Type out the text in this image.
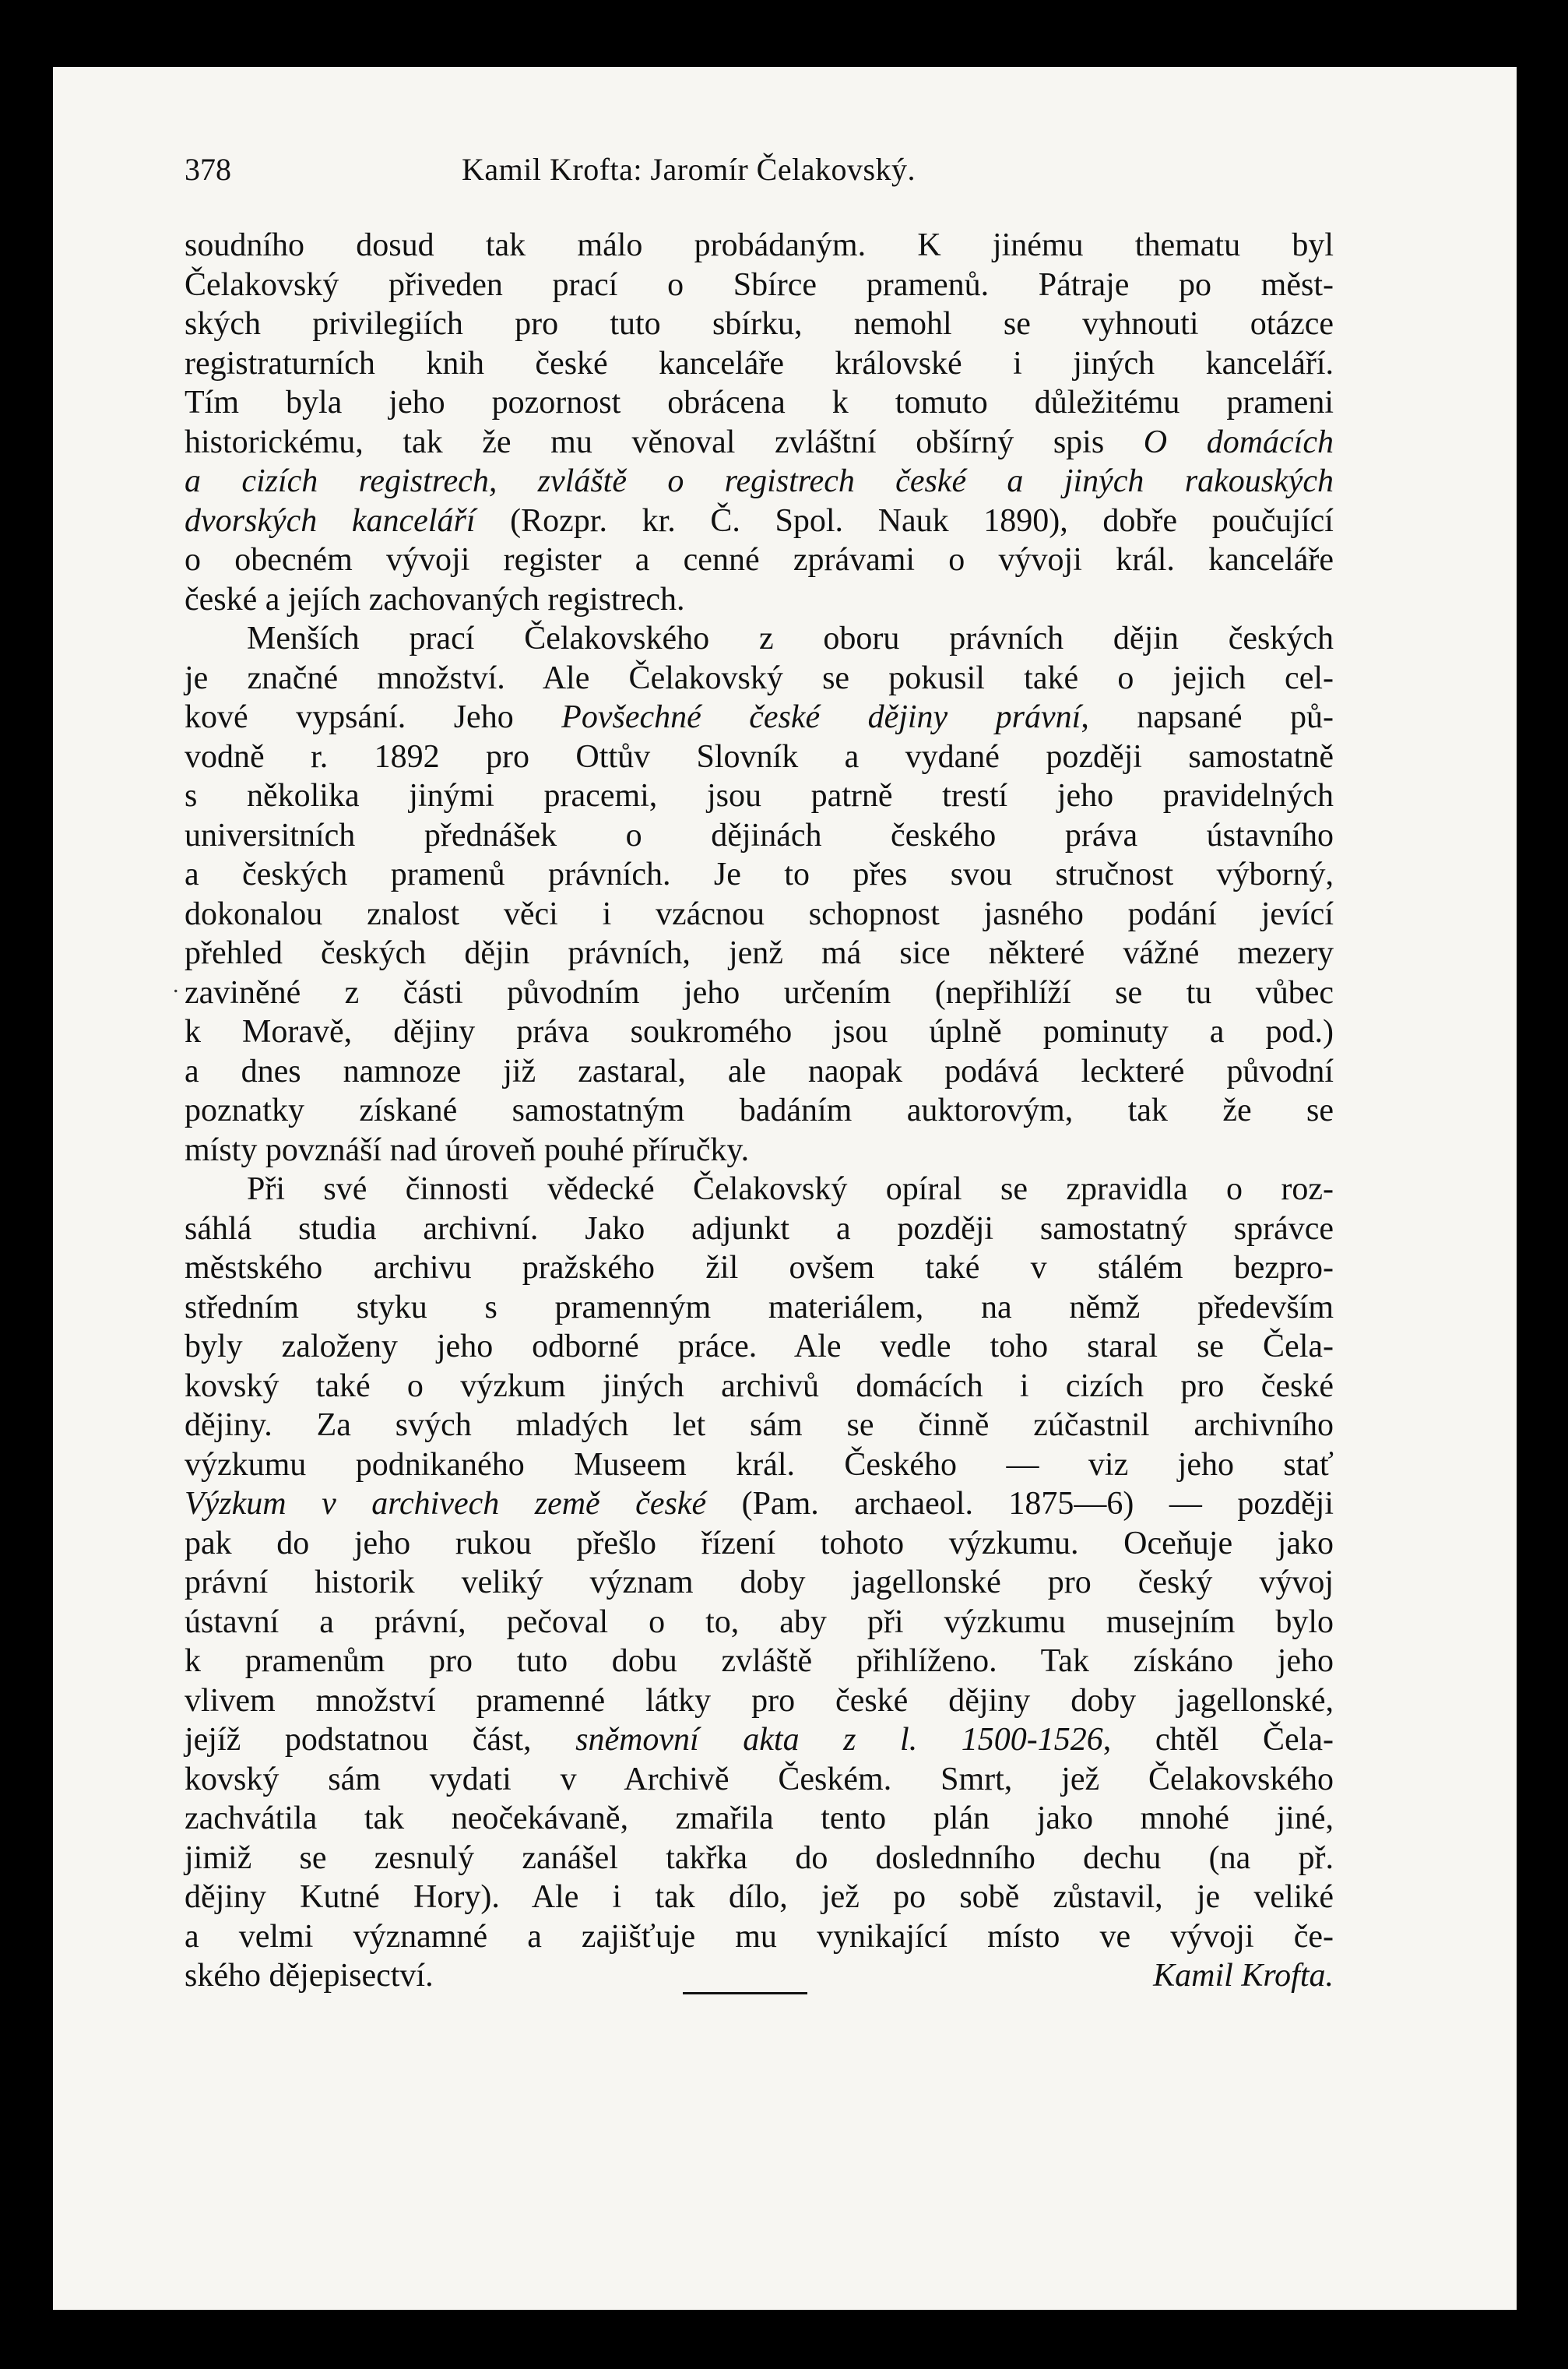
378	Kamil Krofta: Jaromír Čelakovský.
.
soudního dosud tak málo probádaným. K jinému thematu byl
Čelakovský přiveden prací o Sbírce pramenů. Pátraje po měst-
ských privilegiích pro tuto sbírku, nemohl se vyhnouti otázce
registraturních knih české kanceláře královské i jiných kanceláří.
Tím byla jeho pozornost obrácena k tomuto důležitému prameni
historickému, tak že mu věnoval zvláštní obšírný spis O domácích
a cizích registrech, zvláště o registrech české a jiných rakouských
dvorských kanceláří (Rozpr. kr. Č. Spol. Nauk 1890), dobře poučující
o obecném vývoji register a cenné zprávami o vývoji král. kanceláře
české a jejích zachovaných registrech.
Menších prací Čelakovského z oboru právních dějin českých
je značné množství. Ale Čelakovský se pokusil také o jejich cel-
kové vypsání. Jeho Povšechné české dějiny právní, napsané pů-
vodně r. 1892 pro Ottův Slovník a vydané později samostatně
s několika jinými pracemi, jsou patrně trestí jeho pravidelných
universitních přednášek o dějinách českého práva ústavního
a českých pramenů právních. Je to přes svou stručnost výborný,
dokonalou znalost věci i vzácnou schopnost jasného podání jevící
přehled českých dějin právních, jenž má sice některé vážné mezery
zaviněné z části původním jeho určením (nepřihlíží se tu vůbec
k Moravě, dějiny práva soukromého jsou úplně pominuty a pod.)
a dnes namnoze již zastaral, ale naopak podává leckteré původní
poznatky získané samostatným badáním auktorovým, tak že se
místy povznáší nad úroveň pouhé příručky.
Při své činnosti vědecké Čelakovský opíral se zpravidla o roz-
sáhlá studia archivní. Jako adjunkt a později samostatný správce
městského archivu pražského žil ovšem také v stálém bezpro-
středním styku s pramenným materiálem, na němž především
byly založeny jeho odborné práce. Ale vedle toho staral se Čela-
kovský také o výzkum jiných archivů domácích i cizích pro české
dějiny. Za svých mladých let sám se činně zúčastnil archivního
výzkumu podnikaného Museem král. Českého — viz jeho stať
Výzkum v archivech země české (Pam. archaeol. 1875—6) — později
pak do jeho rukou přešlo řízení tohoto výzkumu. Oceňuje jako
právní historik veliký význam doby jagellonské pro český vývoj
ústavní a právní, pečoval o to, aby při výzkumu musejním bylo
k pramenům pro tuto dobu zvláště přihlíženo. Tak získáno jeho
vlivem množství pramenné látky pro české dějiny doby jagellonské,
jejíž podstatnou část, sněmovní akta z l. 1500-1526, chtěl Čela-
kovský sám vydati v Archivě Českém. Smrt, jež Čelakovského
zachvátila tak neočekávaně, zmařila tento plán jako mnohé jiné,
jimiž se zesnulý zanášel takřka do doslednního dechu (na př.
dějiny Kutné Hory). Ale i tak dílo, jež po sobě zůstavil, je veliké
a velmi významné a zajišťuje mu vynikající místo ve vývoji če-
ského dějepisectví.	Kamil Krofta.
